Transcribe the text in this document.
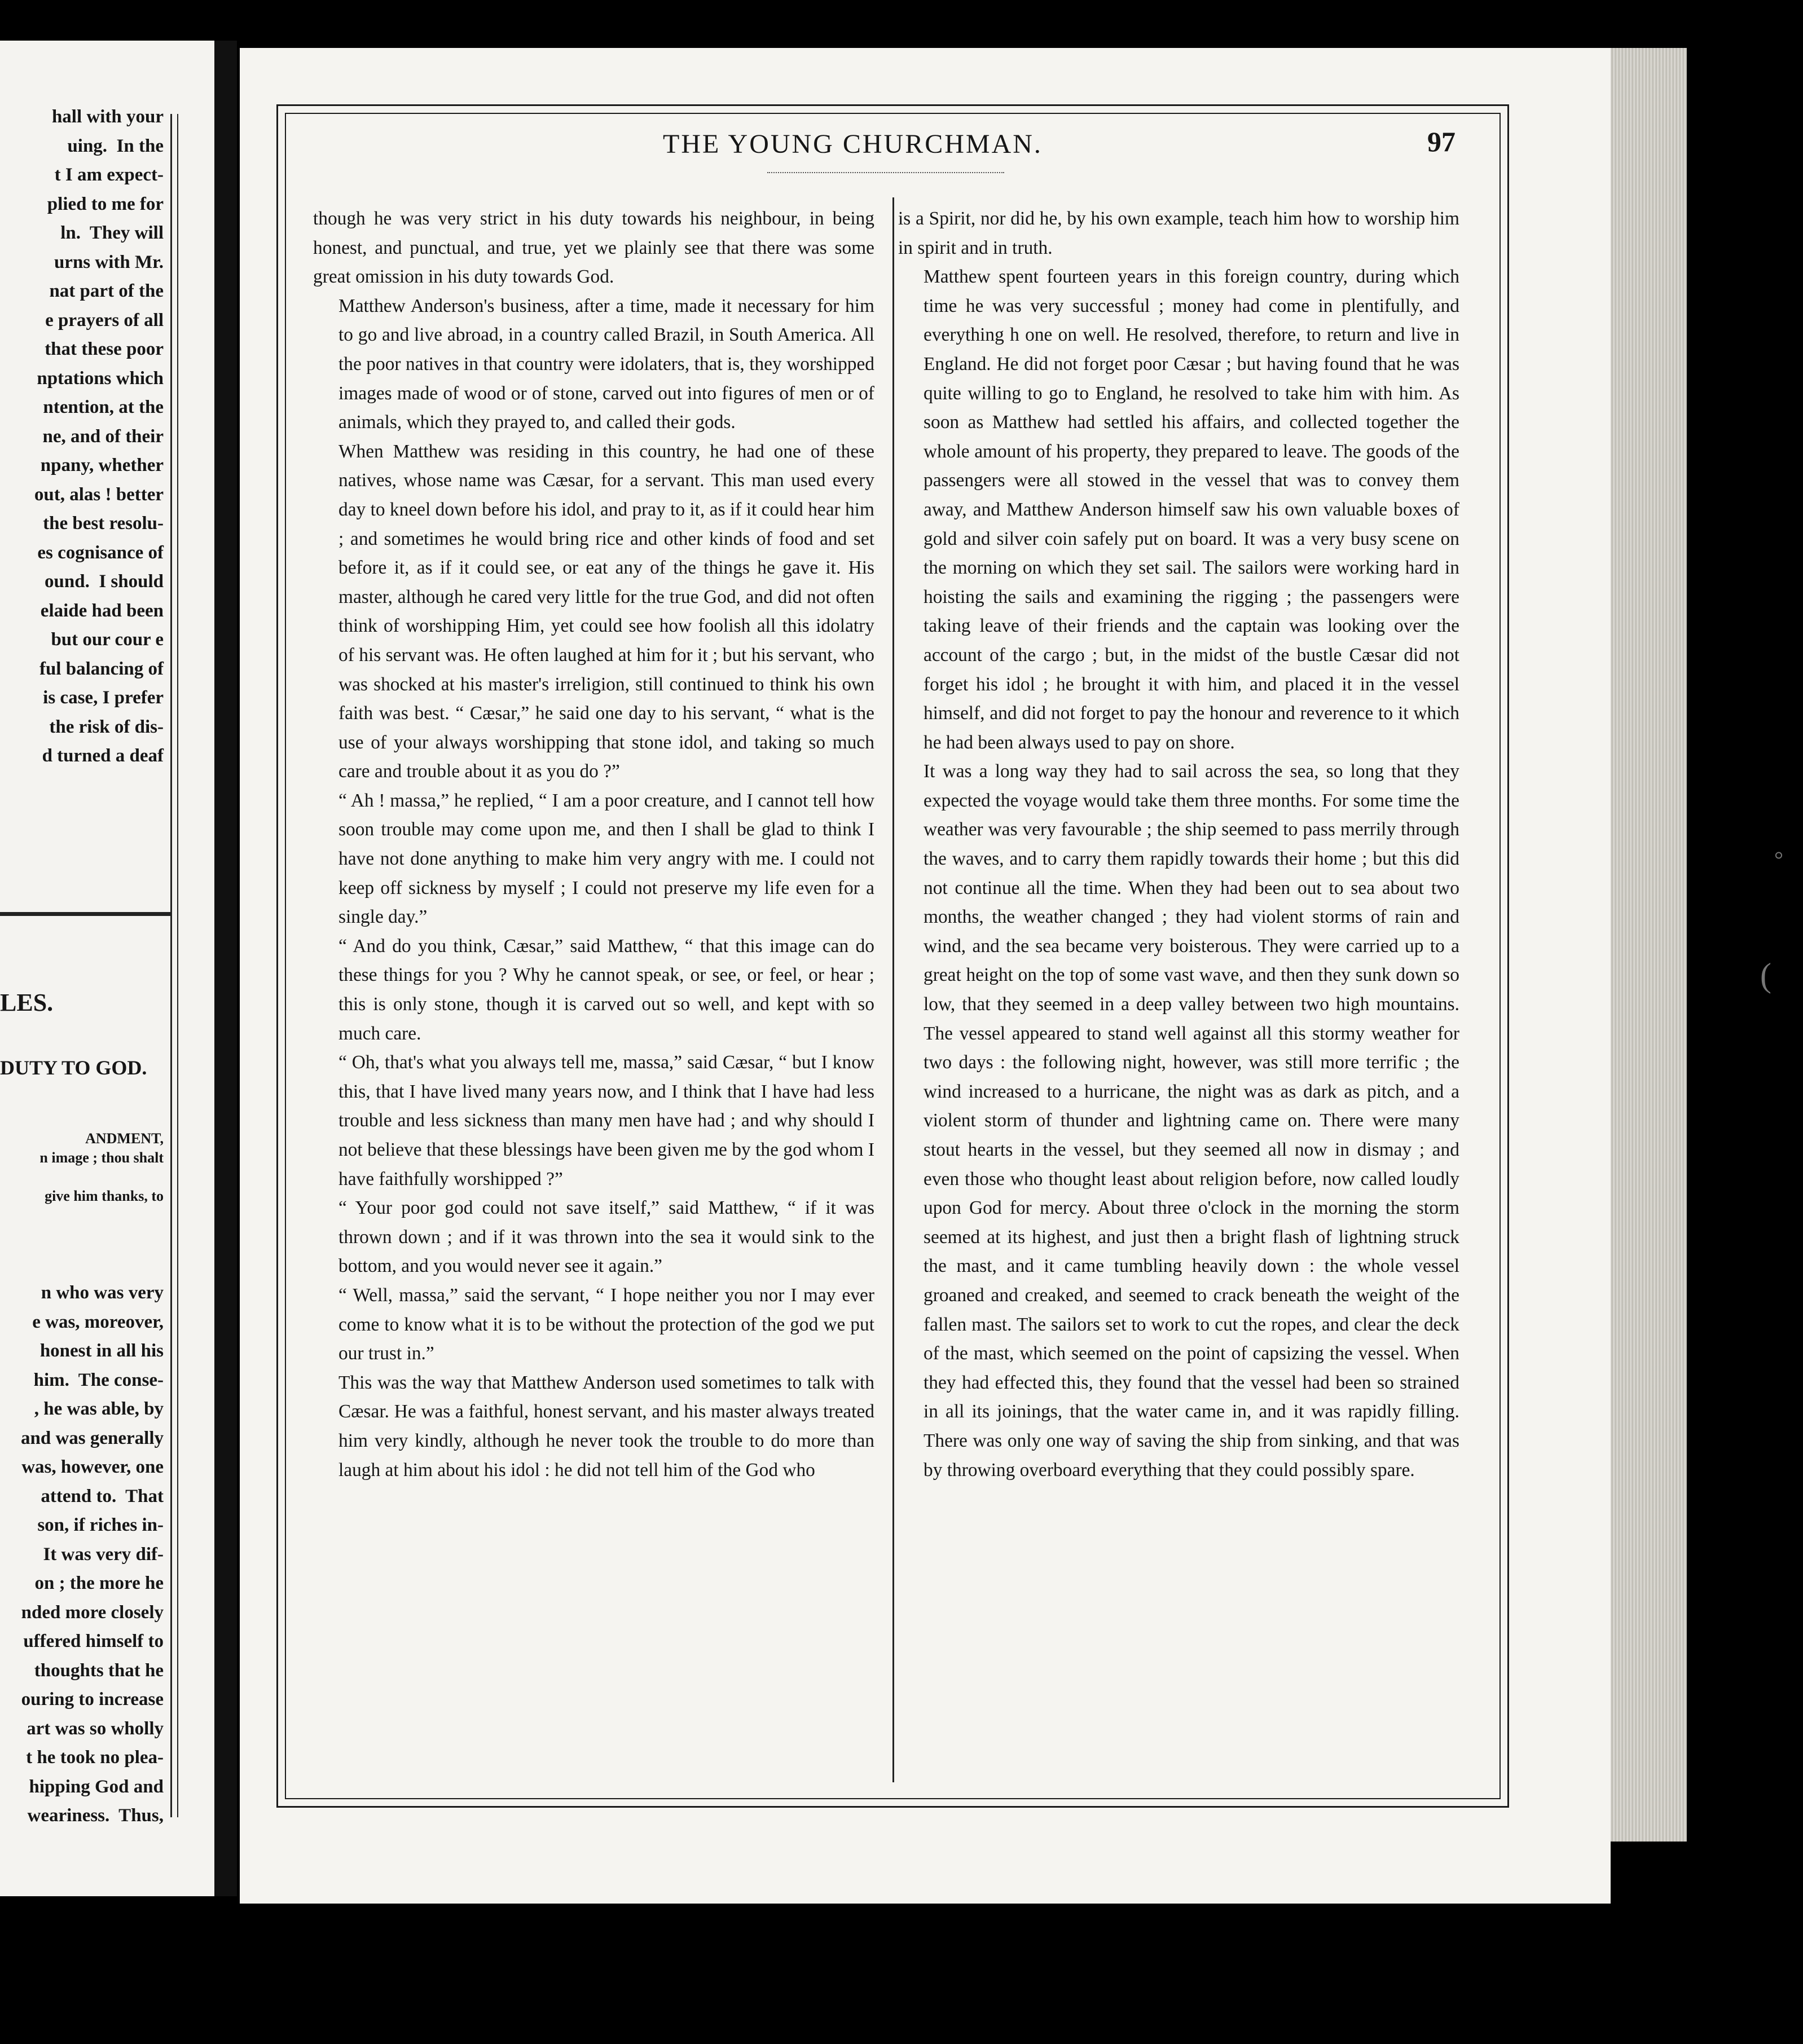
hall with your
uing.  In the
t I am expect-
plied to me for
ln.  They will
urns with Mr.
nat part of the
e prayers of all
that these poor
nptations which
ntention, at the
ne, and of their
npany, whether
out, alas ! better
the best resolu-
es cognisance of
ound.  I should
elaide had been
but our cour e
ful balancing of
is case, I prefer
the risk of dis-
d turned a deaf
LES.
DUTY TO GOD.
ANDMENT,
n image ; thou shalt

give him thanks, to
n who was very
e was, moreover,
honest in all his
him.  The conse-
, he was able, by
and was generally
was, however, one
attend to.  That
son, if riches in-
It was very dif-
on ; the more he
nded more closely
uffered himself to
thoughts that he
ouring to increase
art was so wholly
t he took no plea-
hipping God and
weariness.  Thus,
THE YOUNG CHURCHMAN.	97

though he was very strict in his duty towards his neighbour, in being honest, and punctual, and true, yet we plainly see that there was some great omission in his duty towards God.

Matthew Anderson's business, after a time, made it necessary for him to go and live abroad, in a country called Brazil, in South America. All the poor natives in that country were idolaters, that is, they worshipped images made of wood or of stone, carved out into figures of men or of animals, which they prayed to, and called their gods.

When Matthew was residing in this country, he had one of these natives, whose name was Cæsar, for a servant. This man used every day to kneel down before his idol, and pray to it, as if it could hear him ; and sometimes he would bring rice and other kinds of food and set before it, as if it could see, or eat any of the things he gave it. His master, although he cared very little for the true God, and did not often think of worshipping Him, yet could see how foolish all this idolatry of his servant was. He often laughed at him for it ; but his servant, who was shocked at his master's irreligion, still continued to think his own faith was best. “ Cæsar,” he said one day to his servant, “ what is the use of your always worshipping that stone idol, and taking so much care and trouble about it as you do ?”

“ Ah ! massa,” he replied, “ I am a poor creature, and I cannot tell how soon trouble may come upon me, and then I shall be glad to think I have not done anything to make him very angry with me. I could not keep off sickness by myself ; I could not preserve my life even for a single day.”

“ And do you think, Cæsar,” said Matthew, “ that this image can do these things for you ? Why he cannot speak, or see, or feel, or hear ; this is only stone, though it is carved out so well, and kept with so much care.

“ Oh, that's what you always tell me, massa,” said Cæsar, “ but I know this, that I have lived many years now, and I think that I have had less trouble and less sickness than many men have had ; and why should I not believe that these blessings have been given me by the god whom I have faithfully worshipped ?”

“ Your poor god could not save itself,” said Matthew, “ if it was thrown down ; and if it was thrown into the sea it would sink to the bottom, and you would never see it again.”

“ Well, massa,” said the servant, “ I hope neither you nor I may ever come to know what it is to be without the protection of the god we put our trust in.”

This was the way that Matthew Anderson used sometimes to talk with Cæsar. He was a faithful, honest servant, and his master always treated him very kindly, although he never took the trouble to do more than laugh at him about his idol : he did not tell him of the God who

is a Spirit, nor did he, by his own example, teach him how to worship him in spirit and in truth.

Matthew spent fourteen years in this foreign country, during which time he was very successful ; money had come in plentifully, and everything h one on well. He resolved, therefore, to return and live in England. He did not forget poor Cæsar ; but having found that he was quite willing to go to England, he resolved to take him with him. As soon as Matthew had settled his affairs, and collected together the whole amount of his property, they prepared to leave. The goods of the passengers were all stowed in the vessel that was to convey them away, and Matthew Anderson himself saw his own valuable boxes of gold and silver coin safely put on board. It was a very busy scene on the morning on which they set sail. The sailors were working hard in hoisting the sails and examining the rigging ; the passengers were taking leave of their friends and the captain was looking over the account of the cargo ; but, in the midst of the bustle Cæsar did not forget his idol ; he brought it with him, and placed it in the vessel himself, and did not forget to pay the honour and reverence to it which he had been always used to pay on shore.

It was a long way they had to sail across the sea, so long that they expected the voyage would take them three months. For some time the weather was very favourable ; the ship seemed to pass merrily through the waves, and to carry them rapidly towards their home ; but this did not continue all the time. When they had been out to sea about two months, the weather changed ; they had violent storms of rain and wind, and the sea became very boisterous. They were carried up to a great height on the top of some vast wave, and then they sunk down so low, that they seemed in a deep valley between two high mountains. The vessel appeared to stand well against all this stormy weather for two days : the following night, however, was still more terrific ; the wind increased to a hurricane, the night was as dark as pitch, and a violent storm of thunder and lightning came on. There were many stout hearts in the vessel, but they seemed all now in dismay ; and even those who thought least about religion before, now called loudly upon God for mercy. About three o'clock in the morning the storm seemed at its highest, and just then a bright flash of lightning struck the mast, and it came tumbling heavily down : the whole vessel groaned and creaked, and seemed to crack beneath the weight of the fallen mast. The sailors set to work to cut the ropes, and clear the deck of the mast, which seemed on the point of capsizing the vessel. When they had effected this, they found that the vessel had been so strained in all its joinings, that the water came in, and it was rapidly filling. There was only one way of saving the ship from sinking, and that was by throwing overboard everything that they could possibly spare.

°
(
